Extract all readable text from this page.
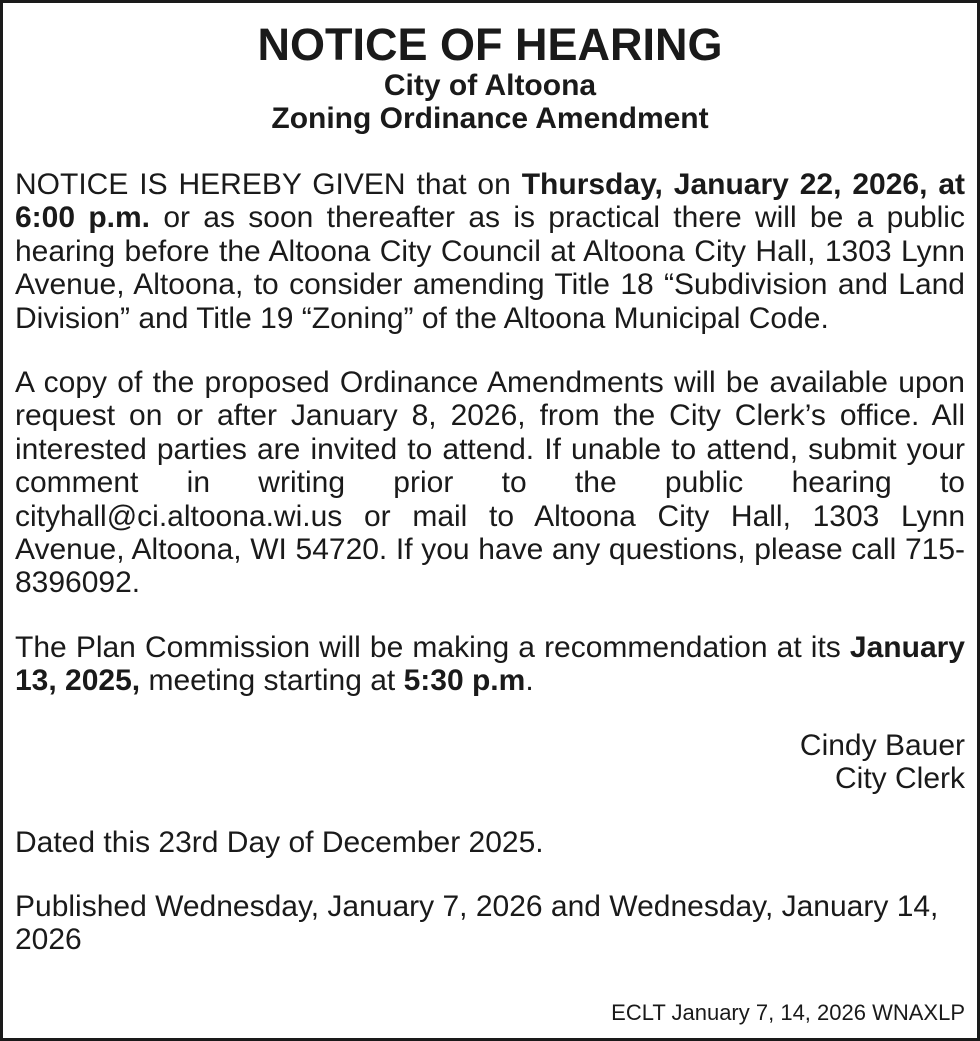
NOTICE OF HEARING
City of Altoona
Zoning Ordinance Amendment

NOTICE IS HEREBY GIVEN that on Thursday, January 22, 2026, at 6:00 p.m. or as soon thereafter as is practical there will be a public hearing before the Altoona City Council at Altoona City Hall, 1303 Lynn Avenue, Altoona, to consider amending Title 18 “Subdivision and Land Division” and Title 19 “Zoning” of the Altoona Municipal Code.

A copy of the proposed Ordinance Amendments will be available upon request on or after January 8, 2026, from the City Clerk’s office. All interested parties are invited to attend. If unable to attend, submit your comment in writing prior to the public hearing to cityhall@ci.altoona.wi.us or mail to Altoona City Hall, 1303 Lynn Avenue, Altoona, WI 54720. If you have any questions, please call 715-8396092.

The Plan Commission will be making a recommendation at its January 13, 2025, meeting starting at 5:30 p.m.

Cindy Bauer
City Clerk
Dated this 23rd Day of December 2025.
Published Wednesday, January 7, 2026 and Wednesday, January 14, 2026
ECLT January 7, 14, 2026 WNAXLP
